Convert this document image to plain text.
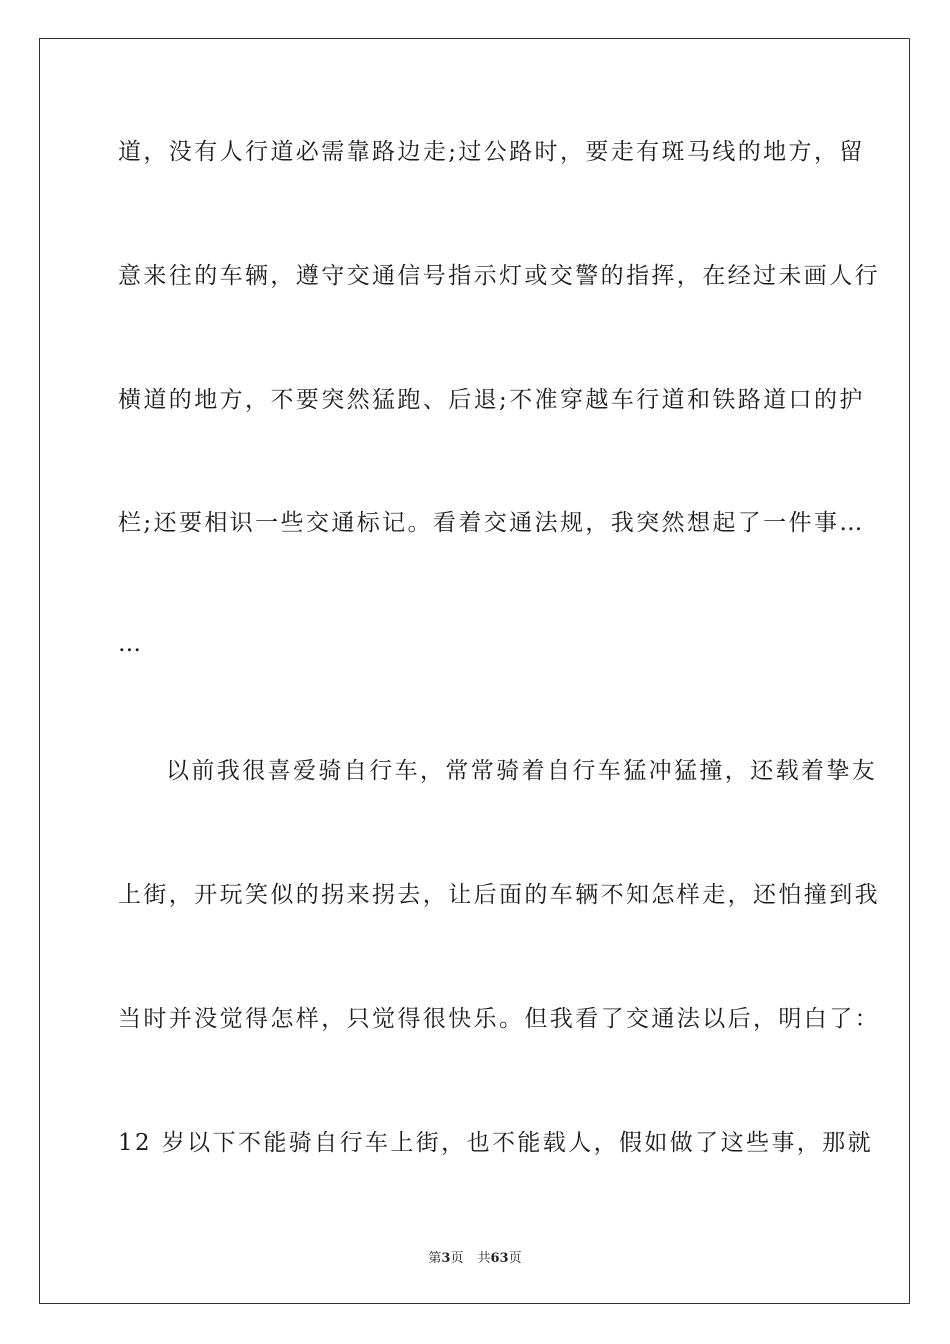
道，没有人行道必需靠路边走;过公路时，要走有斑马线的地方，留
意来往的车辆，遵守交通信号指示灯或交警的指挥，在经过未画人行
横道的地方，不要突然猛跑、后退;不准穿越车行道和铁路道口的护
栏;还要相识一些交通标记。看着交通法规，我突然想起了一件事…
…
以前我很喜爱骑自行车，常常骑着自行车猛冲猛撞，还载着挚友
上街，开玩笑似的拐来拐去，让后面的车辆不知怎样走，还怕撞到我
当时并没觉得怎样，只觉得很快乐。但我看了交通法以后，明白了：
12 岁以下不能骑自行车上街，也不能载人，假如做了这些事，那就
第3页 共63页
